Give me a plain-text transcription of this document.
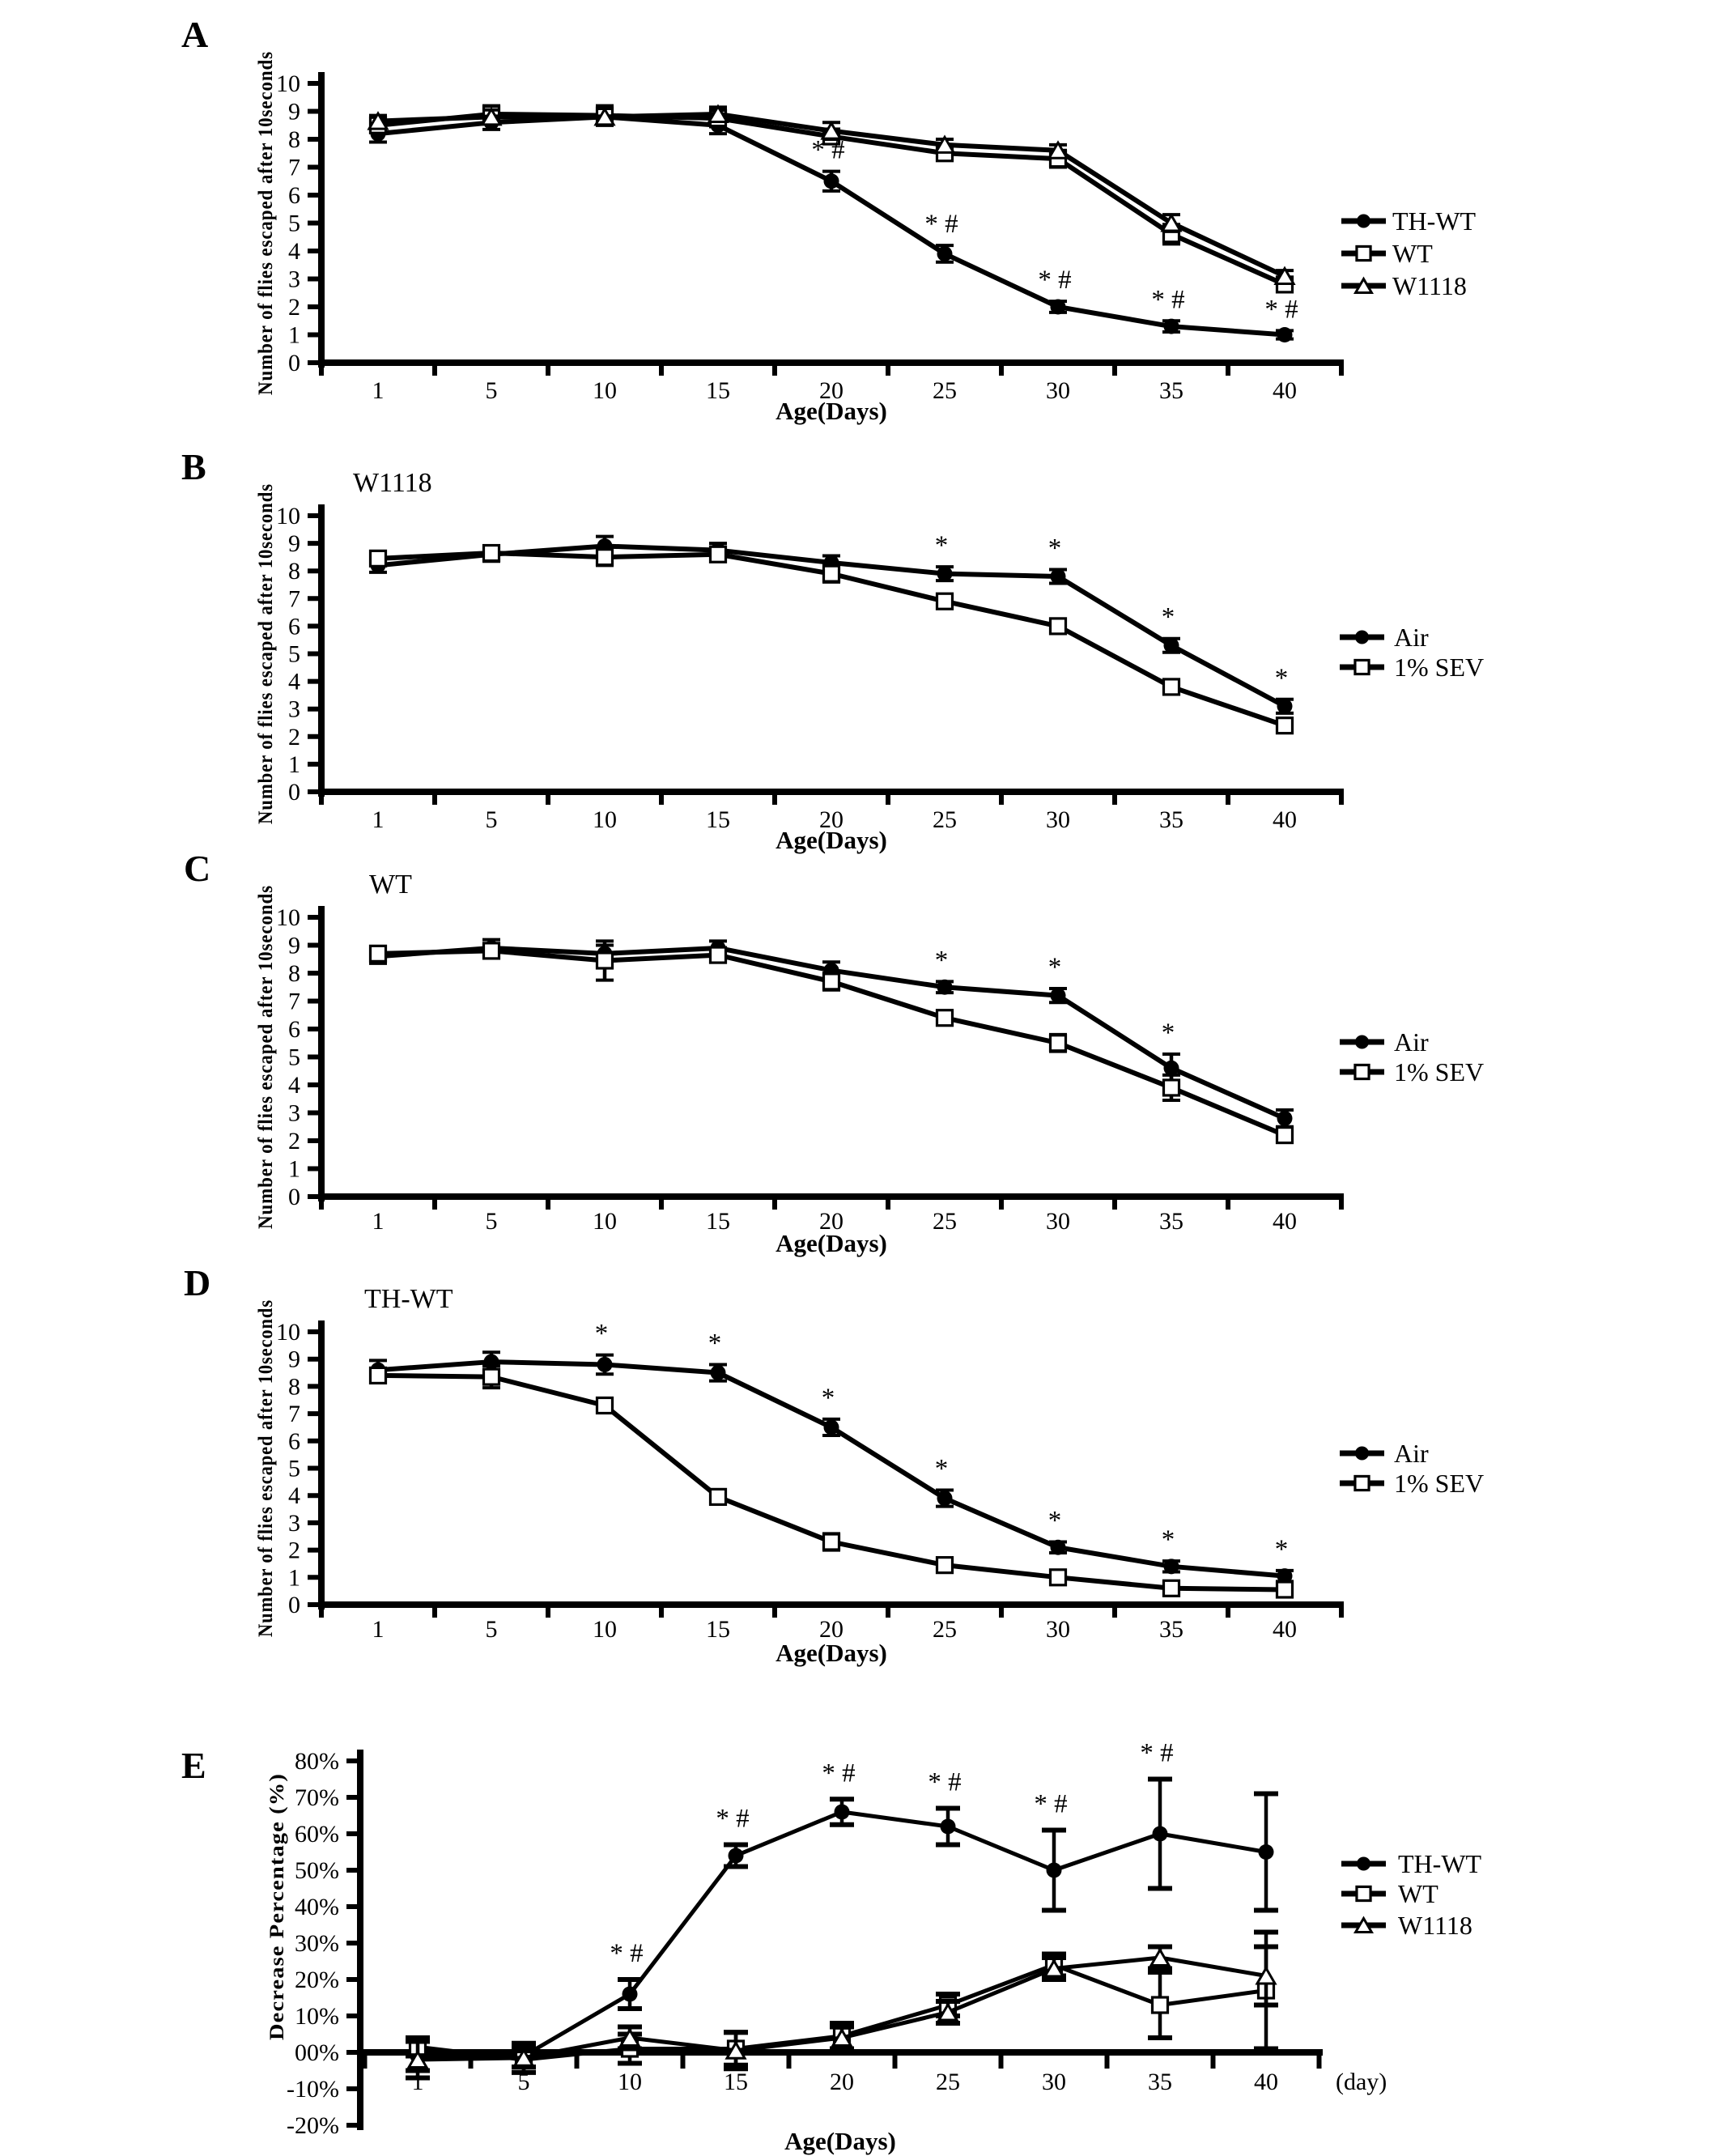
A
10
9
8
7
6
5
4
3
2
1
0
1	5	10	15	20	25	30	35	40
Age(Days)
Number of flies escaped after 10seconds	* #
* #
* #
* #	* #
TH-WT
WT
W1118
B	W1118
10
9
8
7
6
5
4
3
2
1
0
1	5	10	15	20	25	30	35	40
Age(Days)
Number of flies escaped after 10seconds	*	*
*
*
Air
1% SEV
C	WT
10
9
8
7
6
5
4
3
2
1
0
1	5	10	15	20	25	30	35	40
Age(Days)
Number of flies escaped after 10seconds	*	*
*	Air
1% SEV
D	TH-WT
10
9
8
7
6
5
4
3
2
1
0
1	5	10	15	20	25	30	35	40
Age(Days)
Number of flies escaped after 10seconds	*	*
*
*
*
*	*
Air
1% SEV
E	80%
70%
60%
50%
40%
30%
20%
10%
00%
-10%
-20%
1	5	10	15	20	25	30	35	40 (day)
Age(Days)
Decrease Percentage (%)	* #
* #
* #	* #
* #
* #
TH-WT
WT
W1118
